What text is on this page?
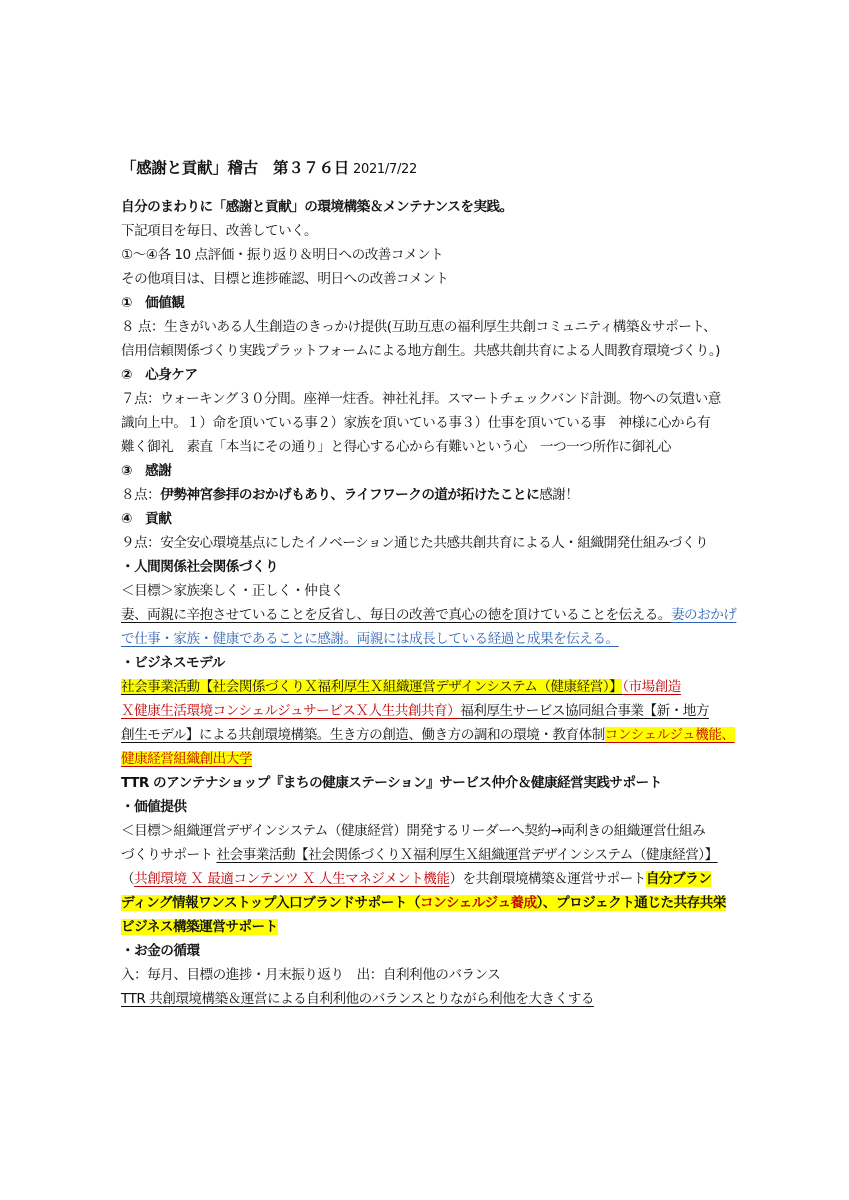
「感謝と貢献」稽古　第３７６日 2021/7/22
自分のまわりに「感謝と貢献」の環境構築＆メンテナンスを実践。
下記項目を毎日、改善していく。
①～④各 10 点評価・振り返り＆明日への改善コメント
その他項目は、目標と進捗確認、明日への改善コメント
①　価値観
８ 点：生きがいある人生創造のきっかけ提供(互助互恵の福利厚生共創コミュニティ構築＆サポート、
信用信頼関係づくり実践プラットフォームによる地方創生。共感共創共育による人間教育環境づくり。)
②　心身ケア
７点：ウォーキング３０分間。座禅一炷香。神社礼拝。スマートチェックバンド計測。物への気遣い意
識向上中。１）命を頂いている事２）家族を頂いている事３）仕事を頂いている事　神様に心から有
難く御礼　素直「本当にその通り」と得心する心から有難いという心　一つ一つ所作に御礼心
③　感謝
８点：伊勢神宮参拝のおかげもあり、ライフワークの道が拓けたことに感謝！
④　貢献
９点：安全安心環境基点にしたイノベーション通じた共感共創共育による人・組織開発仕組みづくり
・人間関係社会関係づくり
＜目標＞家族楽しく・正しく・仲良く
妻、両親に辛抱させていることを反省し、毎日の改善で真心の徳を頂けていることを伝える。妻のおかげ
で仕事・家族・健康であることに感謝。両親には成長している経過と成果を伝える。
・ビジネスモデル
社会事業活動【社会関係づくりＸ福利厚生Ｘ組織運営デザインシステム（健康経営）】（市場創造
Ｘ健康生活環境コンシェルジュサービスＸ人生共創共育）福利厚生サービス協同組合事業【新・地方
創生モデル】による共創環境構築。生き方の創造、働き方の調和の環境・教育体制コンシェルジュ機能、
健康経営組織創出大学
TTR のアンテナショップ『まちの健康ステーション』サービス仲介＆健康経営実践サポート
・価値提供
＜目標＞組織運営デザインシステム（健康経営）開発するリーダーへ契約→両利きの組織運営仕組み
づくりサポート 社会事業活動【社会関係づくりＸ福利厚生Ｘ組織運営デザインシステム（健康経営）】
（共創環境 Ｘ 最適コンテンツ Ｘ 人生マネジメント機能）を共創環境構築＆運営サポート自分ブラン
ディング情報ワンストップ入口ブランドサポート（コンシェルジュ養成）、プロジェクト通じた共存共栄
ビジネス構築運営サポート
・お金の循環
入：毎月、目標の進捗・月末振り返り　出：自利利他のバランス
TTR 共創環境構築＆運営による自利利他のバランスとりながら利他を大きくする
